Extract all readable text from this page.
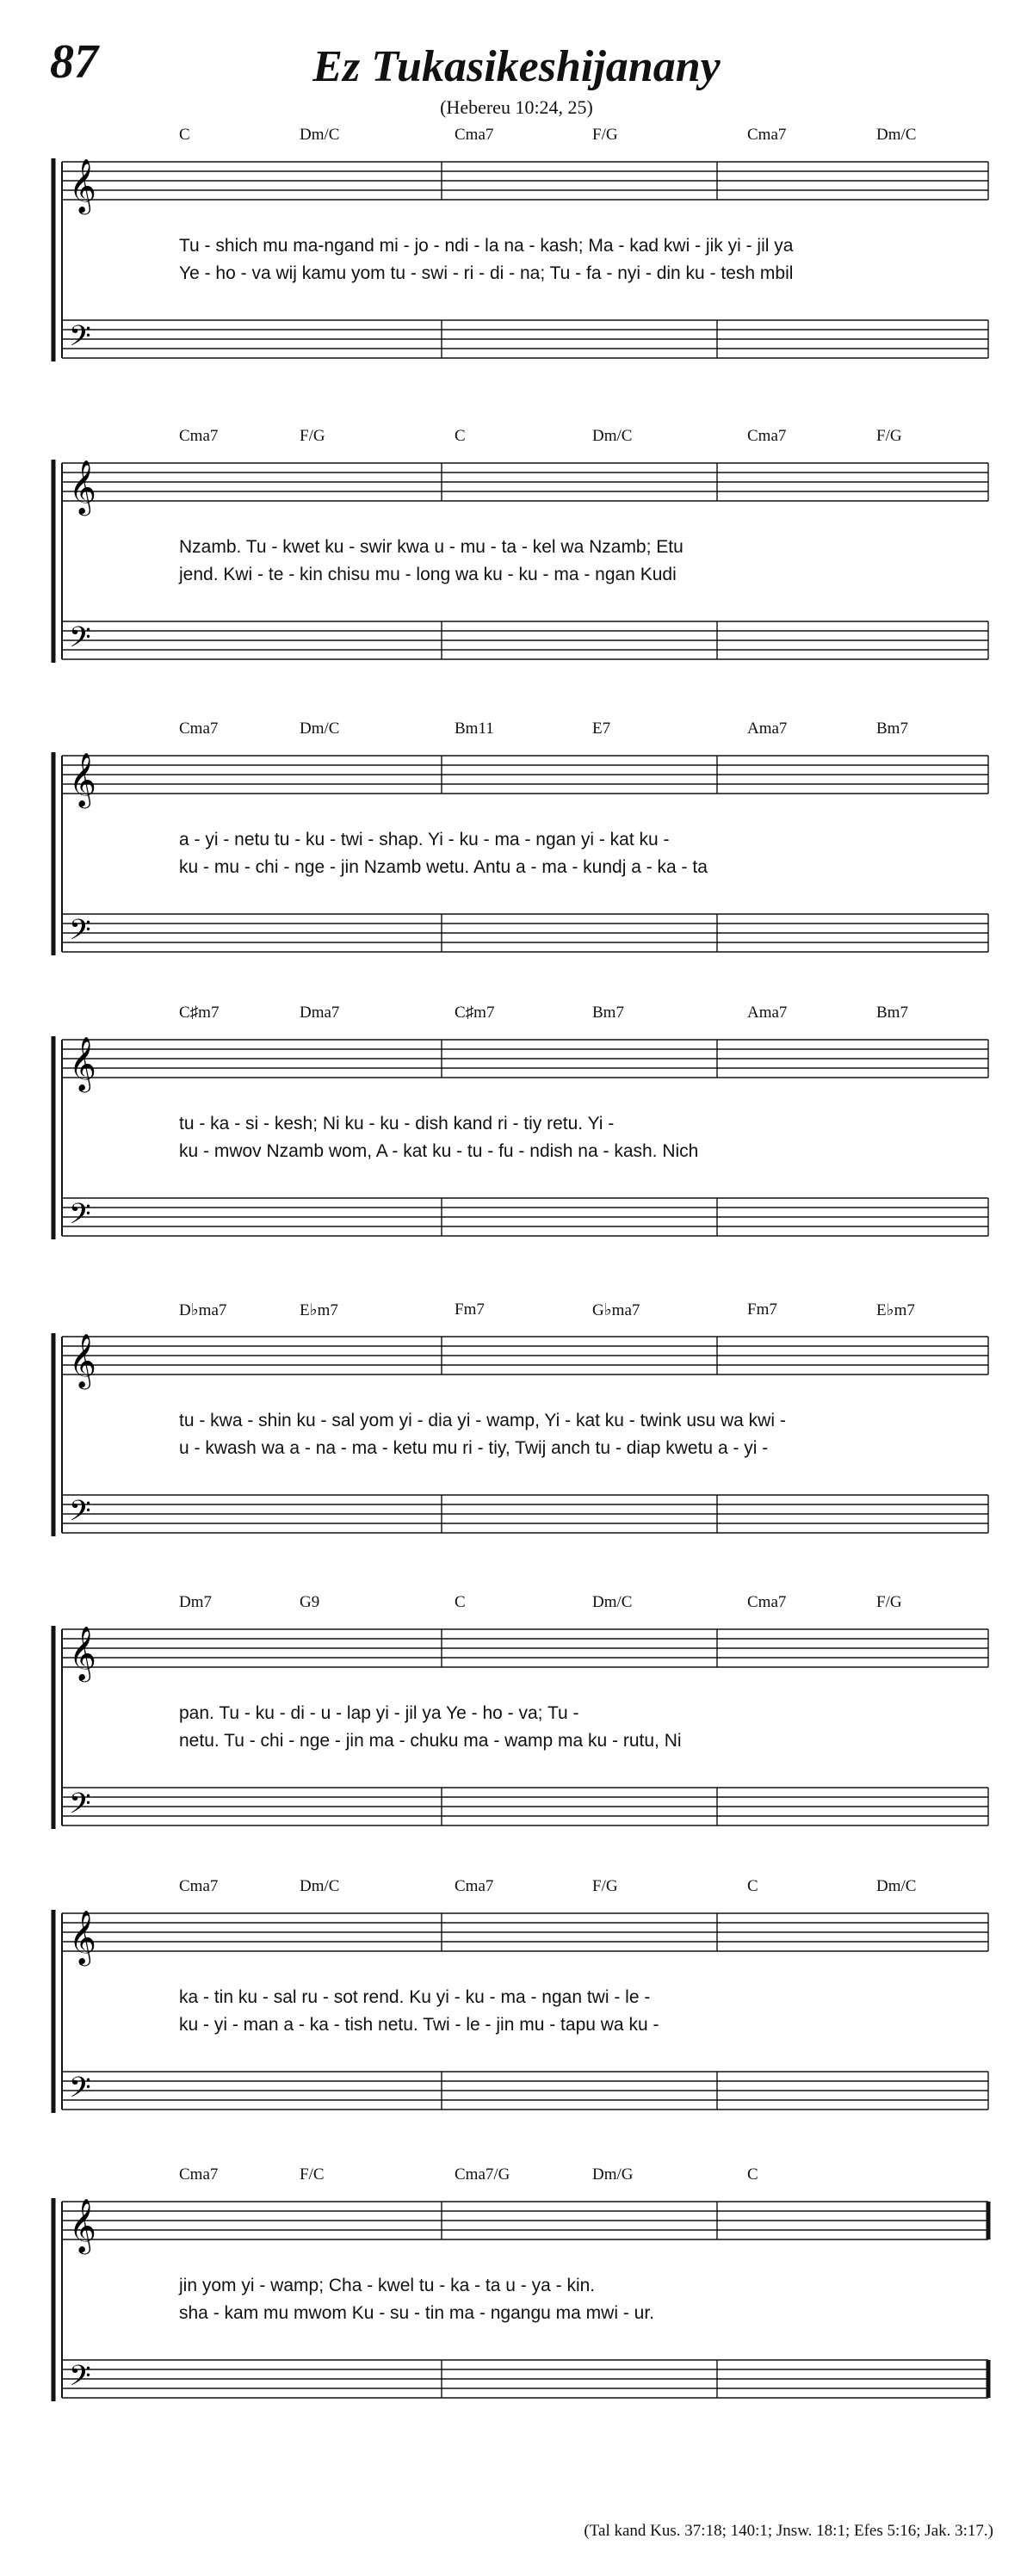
87	Ez Tukasikeshijanany
(Hebereu 10:24, 25)
𝄞
𝄢
C	Dm/C	Cma7	F/G	Cma7	Dm/C
Tu - shich mu ma-ngand mi - jo - ndi - la na - kash; Ma - kad kwi - jik yi - jil ya
Ye - ho - va wij kamu yom tu - swi - ri - di - na; Tu - fa - nyi - din ku - tesh mbil
𝄞
𝄢
Cma7	F/G	C	Dm/C	Cma7	F/G
Nzamb. Tu - kwet ku - swir kwa u - mu - ta - kel wa Nzamb; Etu
jend. Kwi - te - kin chisu mu - long wa ku - ku - ma - ngan Kudi
𝄞
𝄢
Cma7	Dm/C	Bm11	E7	Ama7	Bm7
a - yi - netu tu - ku - twi - shap. Yi - ku - ma - ngan yi - kat ku -
ku - mu - chi - nge - jin Nzamb wetu. Antu a - ma - kundj a - ka - ta
𝄞
𝄢
C♯m7	Dma7	C♯m7	Bm7	Ama7	Bm7
tu - ka - si - kesh; Ni ku - ku - dish kand ri - tiy retu. Yi -
ku - mwov Nzamb wom, A - kat ku - tu - fu - ndish na - kash. Nich
𝄞
𝄢
D♭ma7	E♭m7	Fm7	G♭ma7	Fm7	E♭m7
tu - kwa - shin ku - sal yom yi - dia yi - wamp, Yi - kat ku - twink usu wa kwi -
u - kwash wa a - na - ma - ketu mu ri - tiy, Twij anch tu - diap kwetu a - yi -
𝄞
𝄢
Dm7	G9	C	Dm/C	Cma7	F/G
pan. Tu - ku - di - u - lap yi - jil ya Ye - ho - va; Tu -
netu. Tu - chi - nge - jin ma - chuku ma - wamp ma ku - rutu, Ni
𝄞
𝄢
Cma7	Dm/C	Cma7	F/G	C	Dm/C
ka - tin ku - sal ru - sot rend. Ku yi - ku - ma - ngan twi - le -
ku - yi - man a - ka - tish netu. Twi - le - jin mu - tapu wa ku -
𝄞
𝄢
Cma7	F/C	Cma7/G	Dm/G	C
jin yom yi - wamp; Cha - kwel tu - ka - ta u - ya - kin.
sha - kam mu mwom Ku - su - tin ma - ngangu ma mwi - ur.
(Tal kand Kus. 37:18; 140:1; Jnsw. 18:1; Efes 5:16; Jak. 3:17.)
